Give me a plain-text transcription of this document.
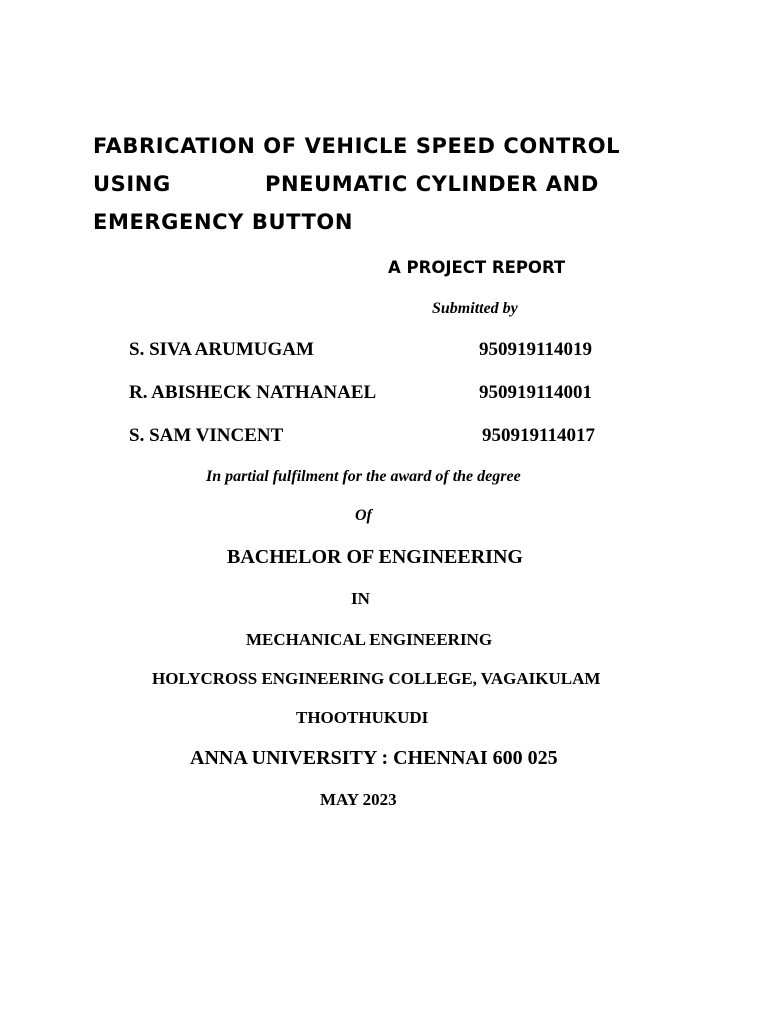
FABRICATION OF VEHICLE SPEED CONTROL
USING	PNEUMATIC CYLINDER AND
EMERGENCY BUTTON
A PROJECT REPORT
Submitted by
S. SIVA ARUMUGAM	950919114019
R. ABISHECK NATHANAEL	950919114001
S. SAM VINCENT	950919114017
In partial fulfilment for the award of the degree
Of
BACHELOR OF ENGINEERING
IN
MECHANICAL ENGINEERING
HOLYCROSS ENGINEERING COLLEGE, VAGAIKULAM
THOOTHUKUDI
ANNA UNIVERSITY : CHENNAI 600 025
MAY 2023
